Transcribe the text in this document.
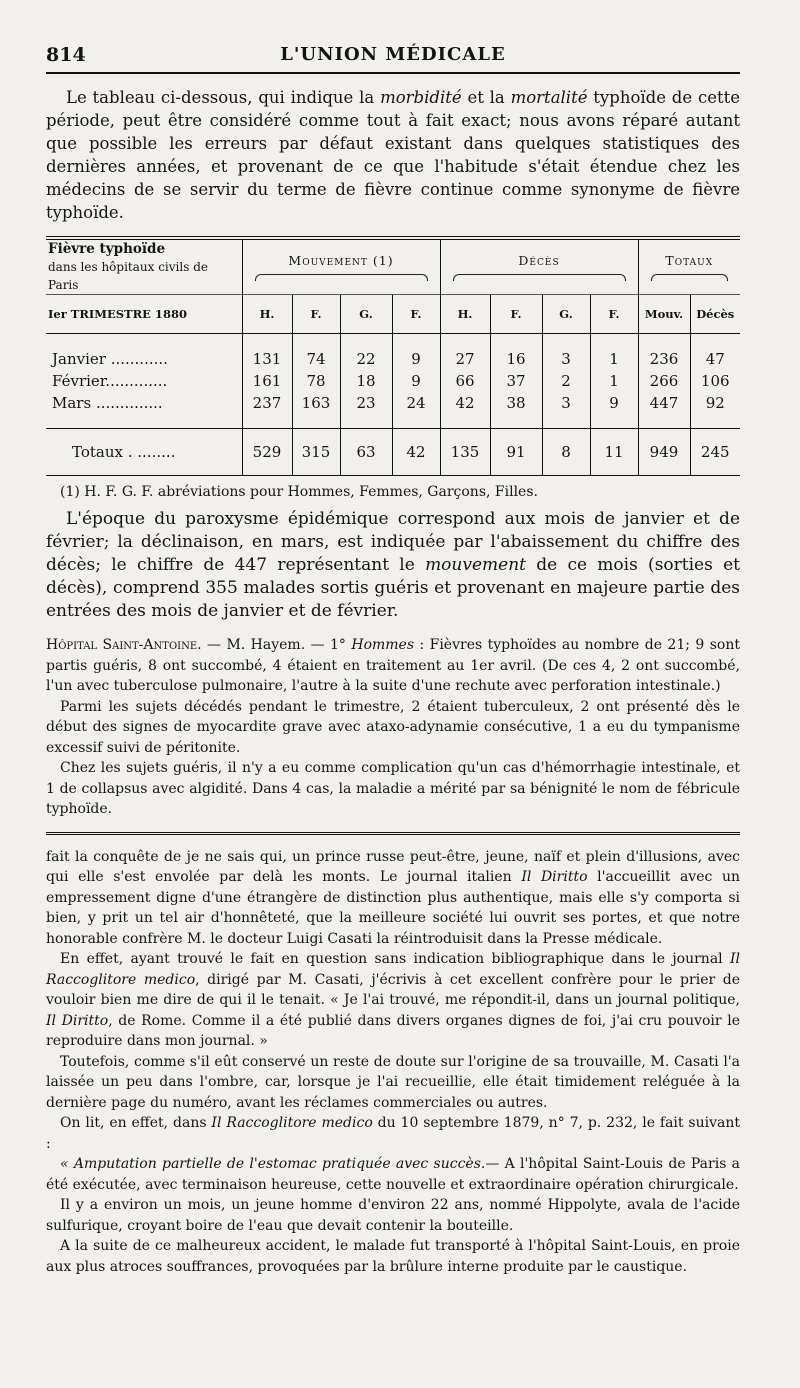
814	L'UNION MÉDICALE

Le tableau ci-dessous, qui indique la morbidité et la mortalité typhoïde de cette période, peut être considéré comme tout à fait exact; nous avons réparé autant que possible les erreurs par défaut existant dans quelques statistiques des dernières années, et provenant de ce que l'habitude s'était étendue chez les médecins de se servir du terme de fièvre continue comme synonyme de fièvre typhoïde.

Fièvre typhoïde
dans les hôpitaux civils de Paris	Mouvement (1)				Décès				Totaux	

Ier TRIMESTRE 1880	H.	F.	G.	F.	H.	F.	G.	F.	Mouv.	Décès
Janvier ............	131	74	22	9	27	16	3	1	236	47
Février.............	161	78	18	9	66	37	2	1	266	106
Mars ..............	237	163	23	24	42	38	3	9	447	92
Totaux . ........	529	315	63	42	135	91	8	11	949	245

(1) H. F. G. F. abréviations pour Hommes, Femmes, Garçons, Filles.

L'époque du paroxysme épidémique correspond aux mois de janvier et de février; la déclinaison, en mars, est indiquée par l'abaissement du chiffre des décès; le chiffre de 447 représentant le mouvement de ce mois (sorties et décès), comprend 355 malades sortis guéris et provenant en majeure partie des entrées des mois de janvier et de février.

Hôpital Saint-Antoine. — M. Hayem. — 1° Hommes : Fièvres typhoïdes au nombre de 21; 9 sont partis guéris, 8 ont succombé, 4 étaient en traitement au 1er avril. (De ces 4, 2 ont succombé, l'un avec tuberculose pulmonaire, l'autre à la suite d'une rechute avec perforation intestinale.)

Parmi les sujets décédés pendant le trimestre, 2 étaient tuberculeux, 2 ont présenté dès le début des signes de myocardite grave avec ataxo-adynamie consécutive, 1 a eu du tympanisme excessif suivi de péritonite.

Chez les sujets guéris, il n'y a eu comme complication qu'un cas d'hémorrhagie intestinale, et 1 de collapsus avec algidité. Dans 4 cas, la maladie a mérité par sa bénignité le nom de fébricule typhoïde.

fait la conquête de je ne sais qui, un prince russe peut-être, jeune, naïf et plein d'illusions, avec qui elle s'est envolée par delà les monts. Le journal italien Il Diritto l'accueillit avec un empressement digne d'une étrangère de distinction plus authentique, mais elle s'y comporta si bien, y prit un tel air d'honnêteté, que la meilleure société lui ouvrit ses portes, et que notre honorable confrère M. le docteur Luigi Casati la réintroduisit dans la Presse médicale.

En effet, ayant trouvé le fait en question sans indication bibliographique dans le journal Il Raccoglitore medico, dirigé par M. Casati, j'écrivis à cet excellent confrère pour le prier de vouloir bien me dire de qui il le tenait. « Je l'ai trouvé, me répondit-il, dans un journal politique, Il Diritto, de Rome. Comme il a été publié dans divers organes dignes de foi, j'ai cru pouvoir le reproduire dans mon journal. »

Toutefois, comme s'il eût conservé un reste de doute sur l'origine de sa trouvaille, M. Casati l'a laissée un peu dans l'ombre, car, lorsque je l'ai recueillie, elle était timidement reléguée à la dernière page du numéro, avant les réclames commerciales ou autres.

On lit, en effet, dans Il Raccoglitore medico du 10 septembre 1879, n° 7, p. 232, le fait suivant :

« Amputation partielle de l'estomac pratiquée avec succès.— A l'hôpital Saint-Louis de Paris a été exécutée, avec terminaison heureuse, cette nouvelle et extraordinaire opération chirurgicale.

Il y a environ un mois, un jeune homme d'environ 22 ans, nommé Hippolyte, avala de l'acide sulfurique, croyant boire de l'eau que devait contenir la bouteille.

A la suite de ce malheureux accident, le malade fut transporté à l'hôpital Saint-Louis, en proie aux plus atroces souffrances, provoquées par la brûlure interne produite par le caustique.
